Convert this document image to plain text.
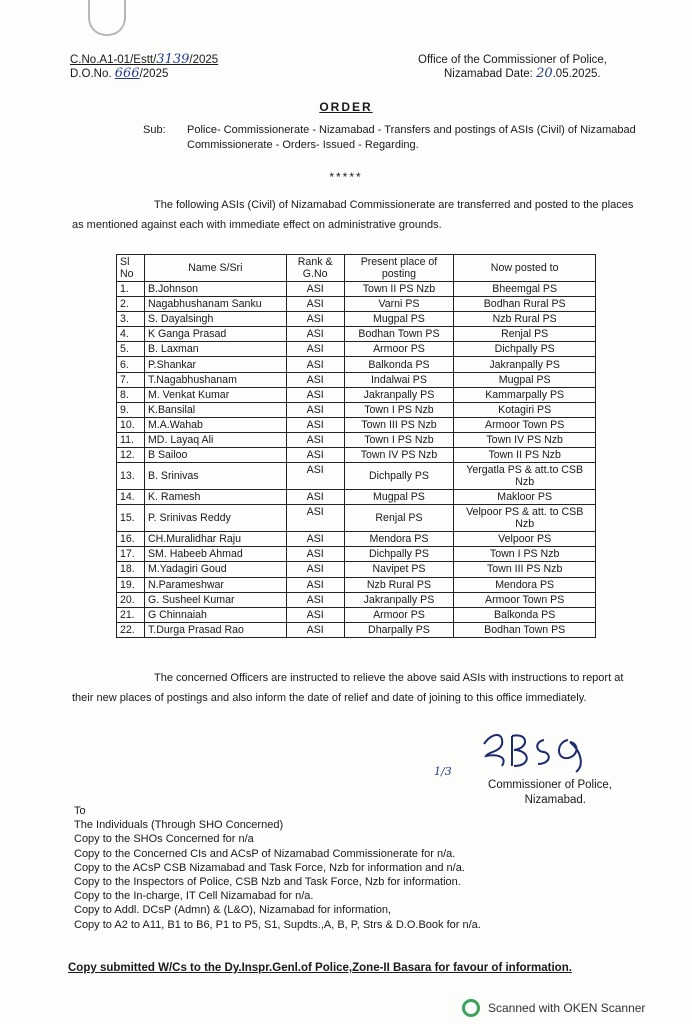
C.No.A1-01/Estt/3139/2025
D.O.No. 666/2025
Office of the Commissioner of Police,
Nizamabad Date: 20.05.2025.
ORDER
Sub: Police- Commissionerate - Nizamabad - Transfers and postings of ASIs (Civil) of Nizamabad Commissionerate - Orders- Issued - Regarding.
*****
The following ASIs (Civil) of Nizamabad Commissionerate are transferred and posted to the places as mentioned against each with immediate effect on administrative grounds.
Sl No	Name S/Sri	Rank & G.No	Present place of posting	Now posted to
1.	B.Johnson	ASI	Town II PS Nzb	Bheemgal PS
2.	Nagabhushanam Sanku	ASI	Varni PS	Bodhan Rural PS
3.	S. Dayalsingh	ASI	Mugpal PS	Nzb Rural PS
4.	K Ganga Prasad	ASI	Bodhan Town PS	Renjal PS
5.	B. Laxman	ASI	Armoor PS	Dichpally PS
6.	P.Shankar	ASI	Balkonda PS	Jakranpally PS
7.	T.Nagabhushanam	ASI	Indalwai PS	Mugpal PS
8.	M. Venkat Kumar	ASI	Jakranpally PS	Kammarpally PS
9.	K.Bansilal	ASI	Town I PS Nzb	Kotagiri PS
10.	M.A.Wahab	ASI	Town III PS Nzb	Armoor Town PS
11.	MD. Layaq Ali	ASI	Town I PS Nzb	Town IV PS Nzb
12.	B Sailoo	ASI	Town IV PS Nzb	Town II PS Nzb
13.	B. Srinivas	ASI	Dichpally PS	Yergatla PS & att.to CSB Nzb
14.	K. Ramesh	ASI	Mugpal PS	Makloor PS
15.	P. Srinivas Reddy	ASI	Renjal PS	Velpoor PS & att. to CSB Nzb
16.	CH.Muralidhar Raju	ASI	Mendora PS	Velpoor PS
17.	SM. Habeeb Ahmad	ASI	Dichpally PS	Town I PS Nzb
18.	M.Yadagiri Goud	ASI	Navipet PS	Town III PS Nzb
19.	N.Parameshwar	ASI	Nzb Rural PS	Mendora PS
20.	G. Susheel Kumar	ASI	Jakranpally PS	Armoor Town PS
21.	G Chinnaiah	ASI	Armoor PS	Balkonda PS
22.	T.Durga Prasad Rao	ASI	Dharpally PS	Bodhan Town PS
The concerned Officers are instructed to relieve the above said ASIs with instructions to report at their new places of postings and also inform the date of relief and date of joining to this office immediately.
1/3
Commissioner of Police,
Nizamabad.
To
The Individuals (Through SHO Concerned)
Copy to the SHOs Concerned for n/a
Copy to the Concerned CIs and ACsP of Nizamabad Commissionerate for n/a.
Copy to the ACsP CSB Nizamabad and Task Force, Nzb for information and n/a.
Copy to the Inspectors of Police, CSB Nzb and Task Force, Nzb for information.
Copy to the In-charge, IT Cell Nizamabad for n/a.
Copy to Addl. DCsP (Admn) & (L&O), Nizamabad for information,
Copy to A2 to A11, B1 to B6, P1 to P5, S1, Supdts.,A, B, P, Strs & D.O.Book for n/a.
Copy submitted W/Cs to the Dy.Inspr.Genl.of Police,Zone-II Basara for favour of information.
Scanned with OKEN Scanner
